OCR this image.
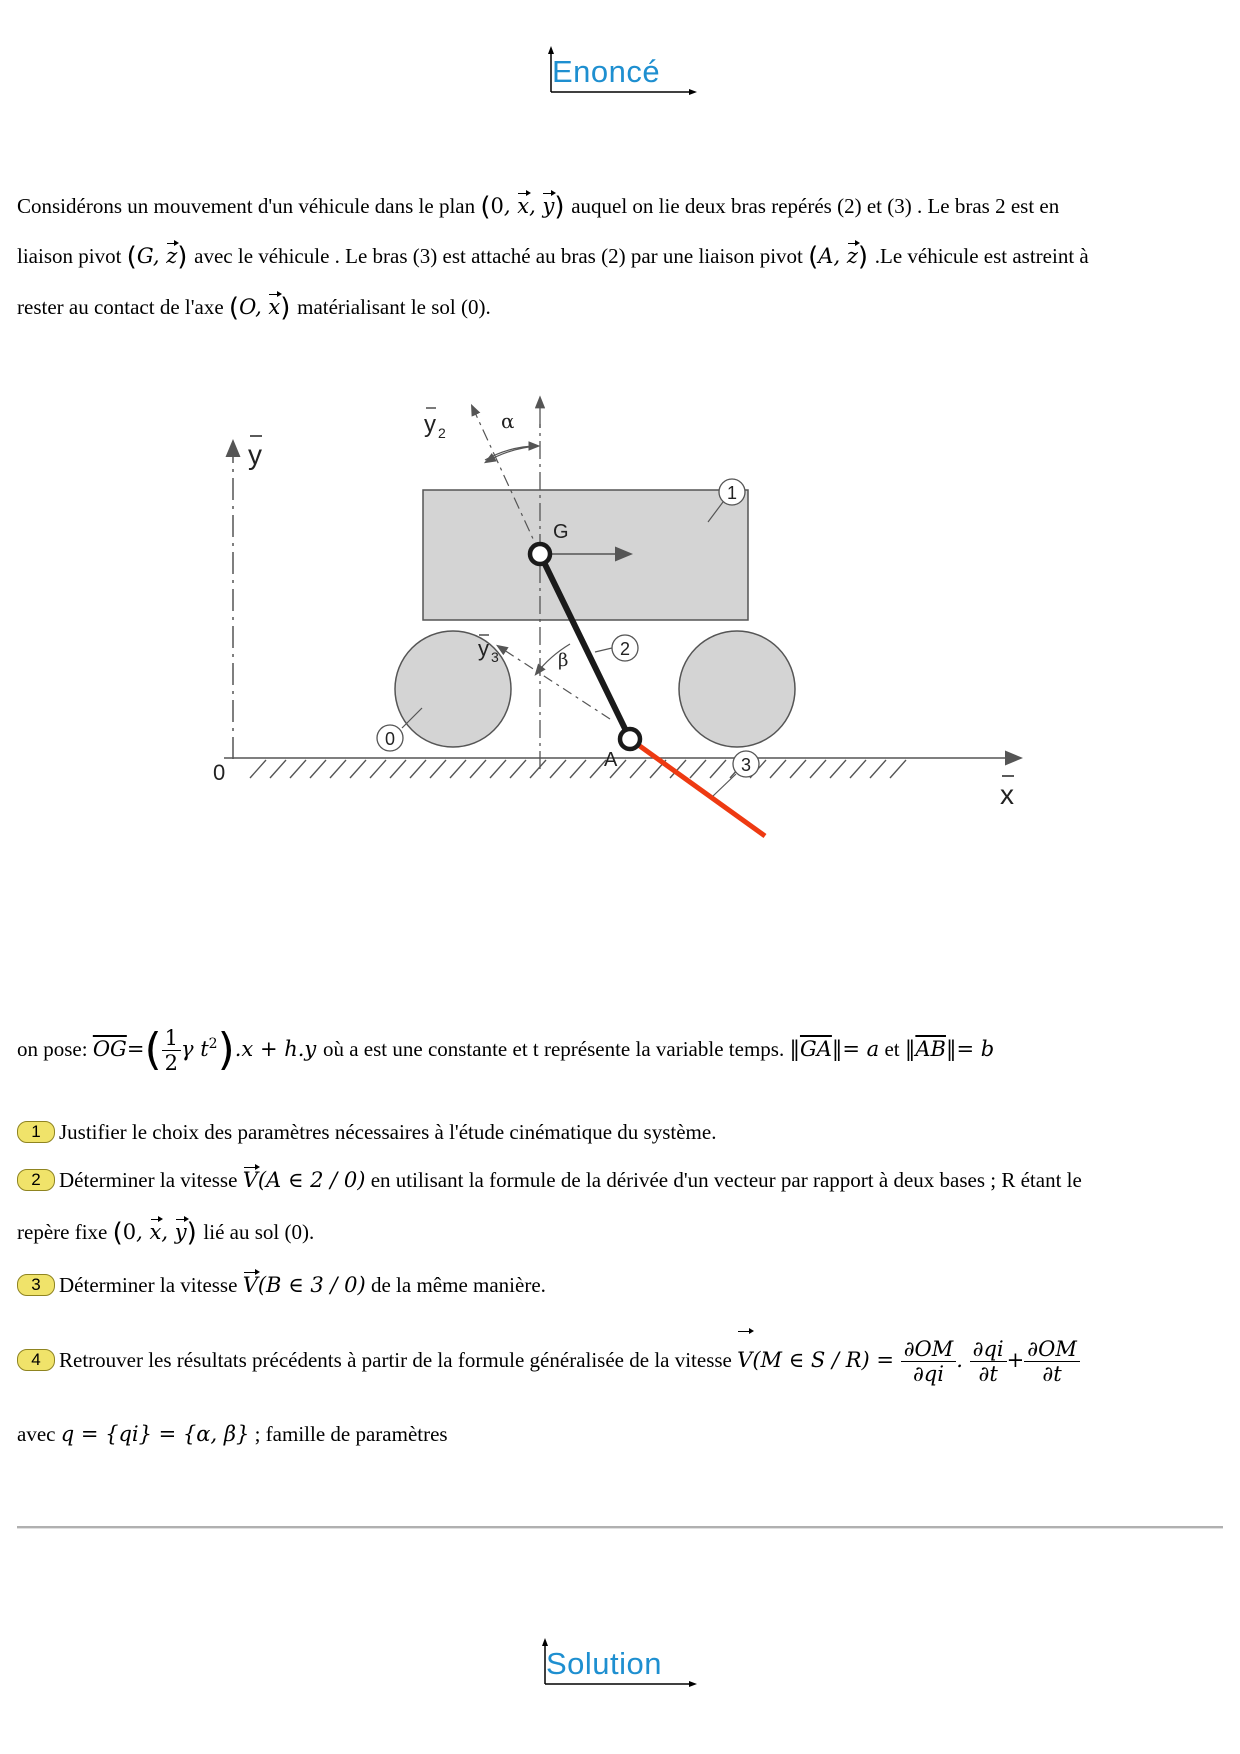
Enoncé
Considérons un mouvement d'un véhicule dans le plan (0, x, y) auquel on lie deux bras repérés (2) et (3) . Le bras 2 est en
liaison pivot (G, z) avec le véhicule . Le bras (3) est attaché au bras (2) par une liaison pivot (A, z) .Le véhicule est astreint à
rester au contact de l'axe (O, x) matérialisant le sol (0).
y
0
x
y 2	α
G
y 3	β
A
1
2
3
0
on pose: $\overline{OG}=( \frac{1}{2}$ γ $t^2).x + h.y$ où a est une constante et t représente la variable temps. $‖\overline{GA}‖= a$ et $‖\overline{AB}‖= b$
1 Justifier le choix des paramètres nécessaires à l'étude cinématique du système.
2 Déterminer la vitesse V(A ∈ 2 / 0) en utilisant la formule de la dérivée d'un vecteur par rapport à deux bases ; R étant le
repère fixe (0, x, y) lié au sol (0).
3 Déterminer la vitesse V(B ∈ 3 / 0) de la même manière.
4 Retrouver les résultats précédents à partir de la formule généralisée de la vitesse V(M ∈ $S / R) = \frac{\partial OM}{\partial qi}$ . $\frac{\partial qi}{\partial t} + \frac{\partial OM}{\partial t}$
avec q = {qi} = {α, β} ; famille de paramètres
Solution
